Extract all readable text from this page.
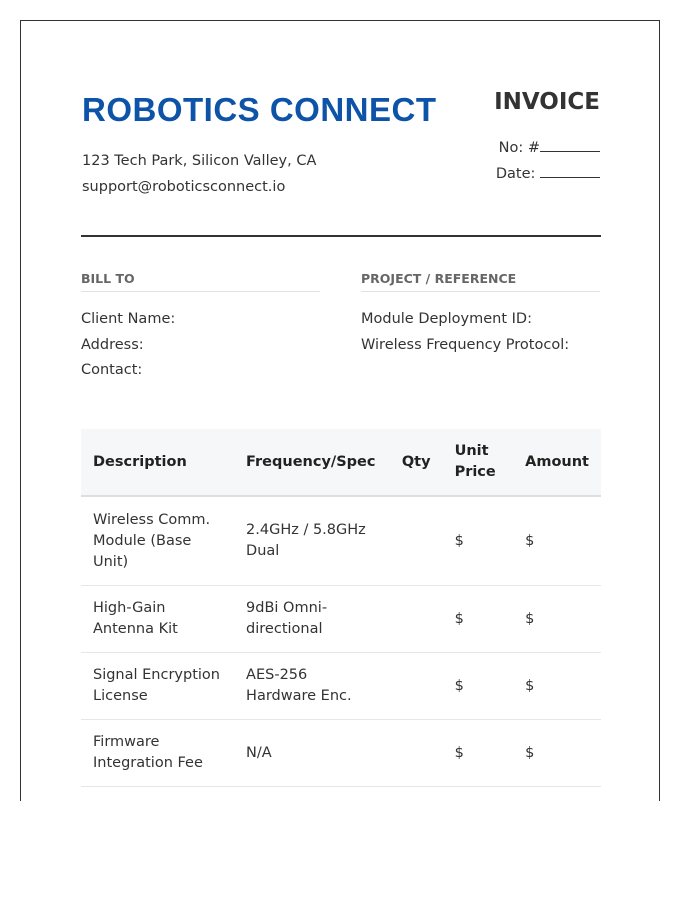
ROBOTICS CONNECT
123 Tech Park, Silicon Valley, CA
support@roboticsconnect.io
INVOICE
No: #
Date:
BILL TO
Client Name:
Address:
Contact:
PROJECT / REFERENCE
Module Deployment ID:
Wireless Frequency Protocol:
Description	Frequency/Spec	Qty	Unit Price	Amount
Wireless Comm. Module (Base Unit)	2.4GHz / 5.8GHz Dual		$	$
High-Gain Antenna Kit	9dBi Omni-directional		$	$
Signal Encryption License	AES-256 Hardware Enc.		$	$
Firmware Integration Fee	N/A		$	$
